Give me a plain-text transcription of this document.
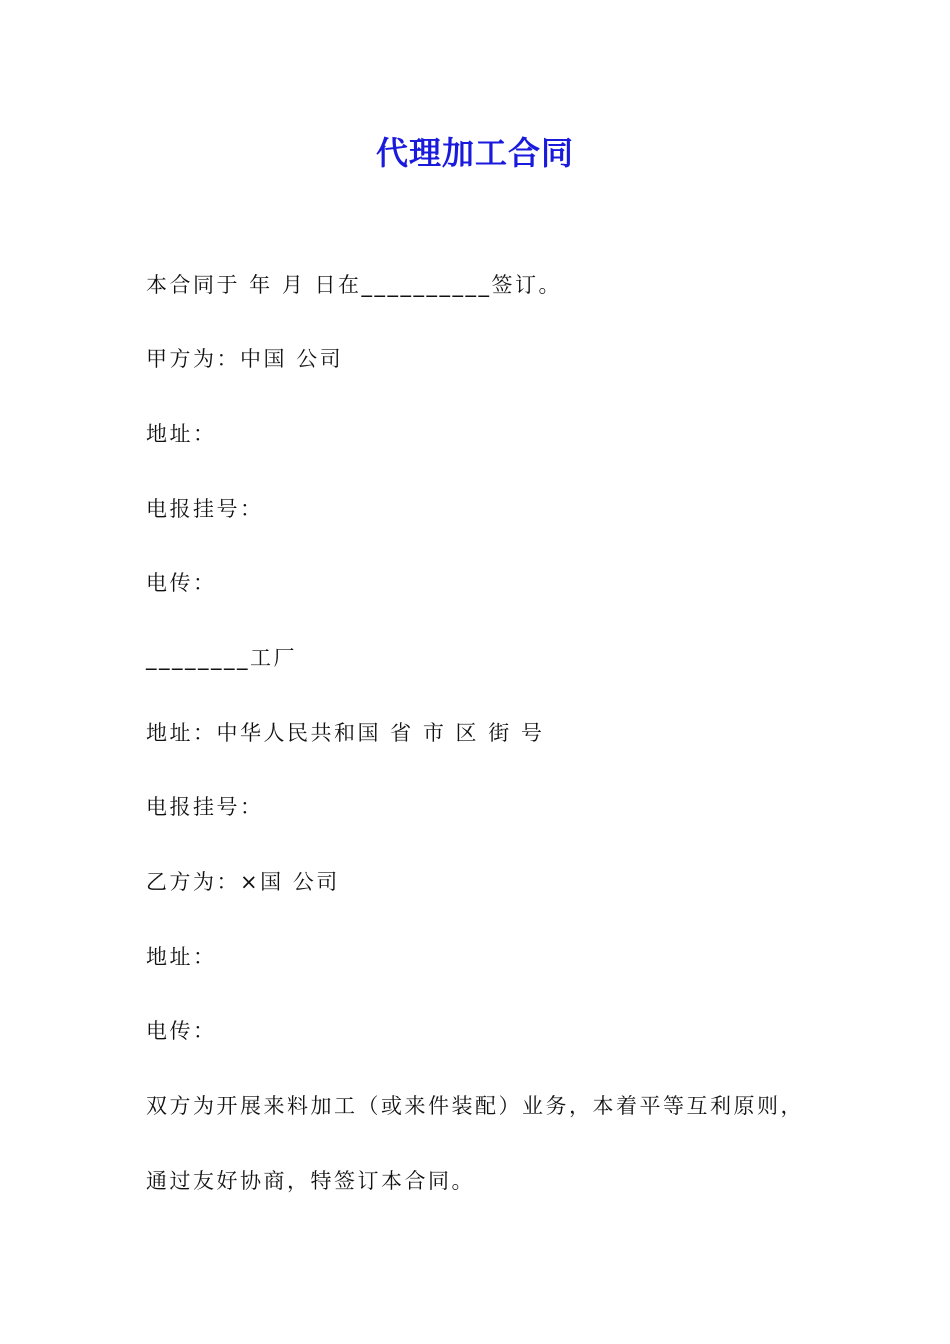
代理加工合同

本合同于 年 月 日在__________签订。

甲方为：中国 公司

地址：

电报挂号：

电传：

________工厂

地址：中华人民共和国 省 市 区 街 号

电报挂号：

乙方为：×国 公司

地址：

电传：

双方为开展来料加工（或来件装配）业务，本着平等互利原则，

通过友好协商，特签订本合同。
